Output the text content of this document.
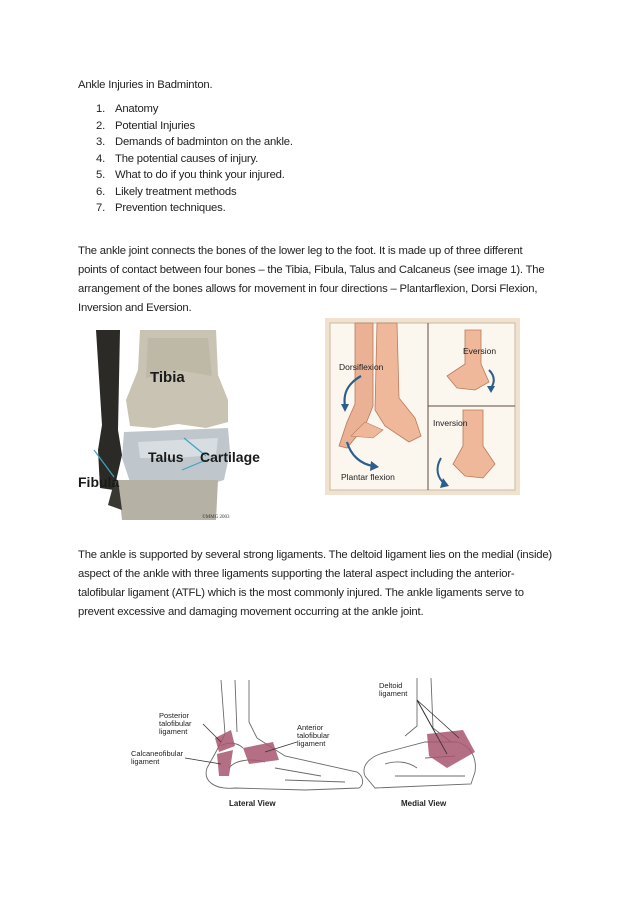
Ankle Injuries in Badminton.
1. Anatomy
2. Potential Injuries
3. Demands of badminton on the ankle.
4. The potential causes of injury.
5. What to do if you think your injured.
6. Likely treatment methods
7. Prevention techniques.
The ankle joint connects the bones of the lower leg to the foot. It is made up of three different
points of contact between four bones – the Tibia, Fibula, Talus and Calcaneus (see image 1). The
arrangement of the bones allows for movement in four directions – Plantarflexion, Dorsi Flexion,
Inversion and Eversion.
Tibia
Talus Cartilage
Fibula
©MMG 2003
Eversion
Dorsiflexion
Inversion
Plantar flexion
The ankle is supported by several strong ligaments. The deltoid ligament lies on the medial (inside)
aspect of the ankle with three ligaments supporting the lateral aspect including the anterior-
talofibular ligament (ATFL) which is the most commonly injured. The ankle ligaments serve to
prevent excessive and damaging movement occurring at the ankle joint.
Posterior
talofibular
ligament	Anterior
talofibular
ligament
Calcaneofibular
ligament
Deltoid
ligament
Lateral View	Medial View
